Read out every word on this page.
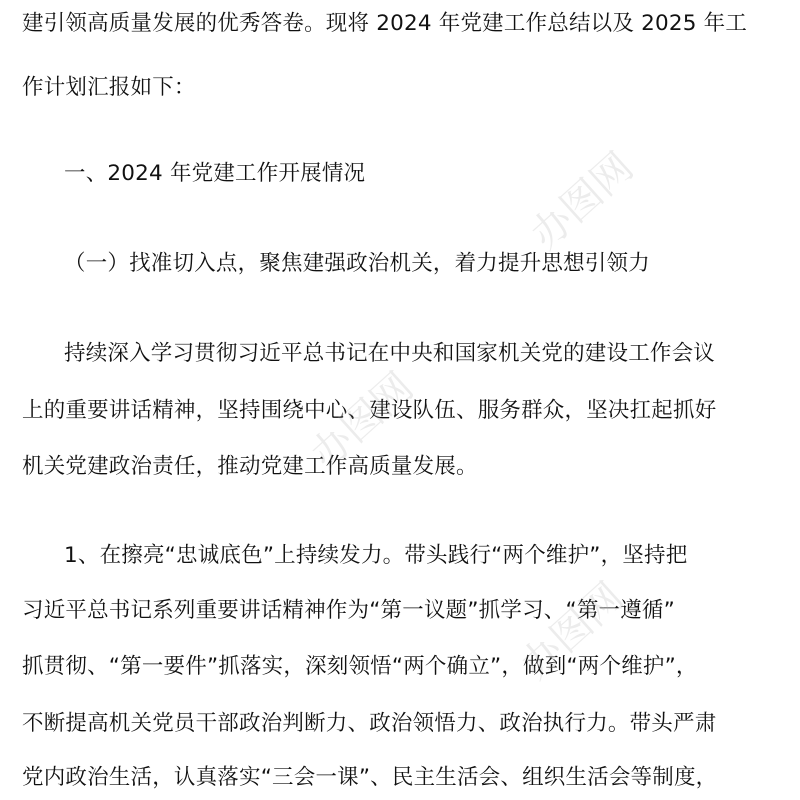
建引领高质量发展的优秀答卷。现将 2024 年党建工作总结以及 2025 年工
作计划汇报如下：
一、2024 年党建工作开展情况
（一）找准切入点，聚焦建强政治机关，着力提升思想引领力
持续深入学习贯彻习近平总书记在中央和国家机关党的建设工作会议
上的重要讲话精神，坚持围绕中心、建设队伍、服务群众，坚决扛起抓好
机关党建政治责任，推动党建工作高质量发展。
1、在擦亮“忠诚底色”上持续发力。带头践行“两个维护”，坚持把
习近平总书记系列重要讲话精神作为“第一议题”抓学习、“第一遵循”
抓贯彻、“第一要件”抓落实，深刻领悟“两个确立”，做到“两个维护”，
不断提高机关党员干部政治判断力、政治领悟力、政治执行力。带头严肃
党内政治生活，认真落实“三会一课”、民主生活会、组织生活会等制度，
办图网
办图网
办图网
